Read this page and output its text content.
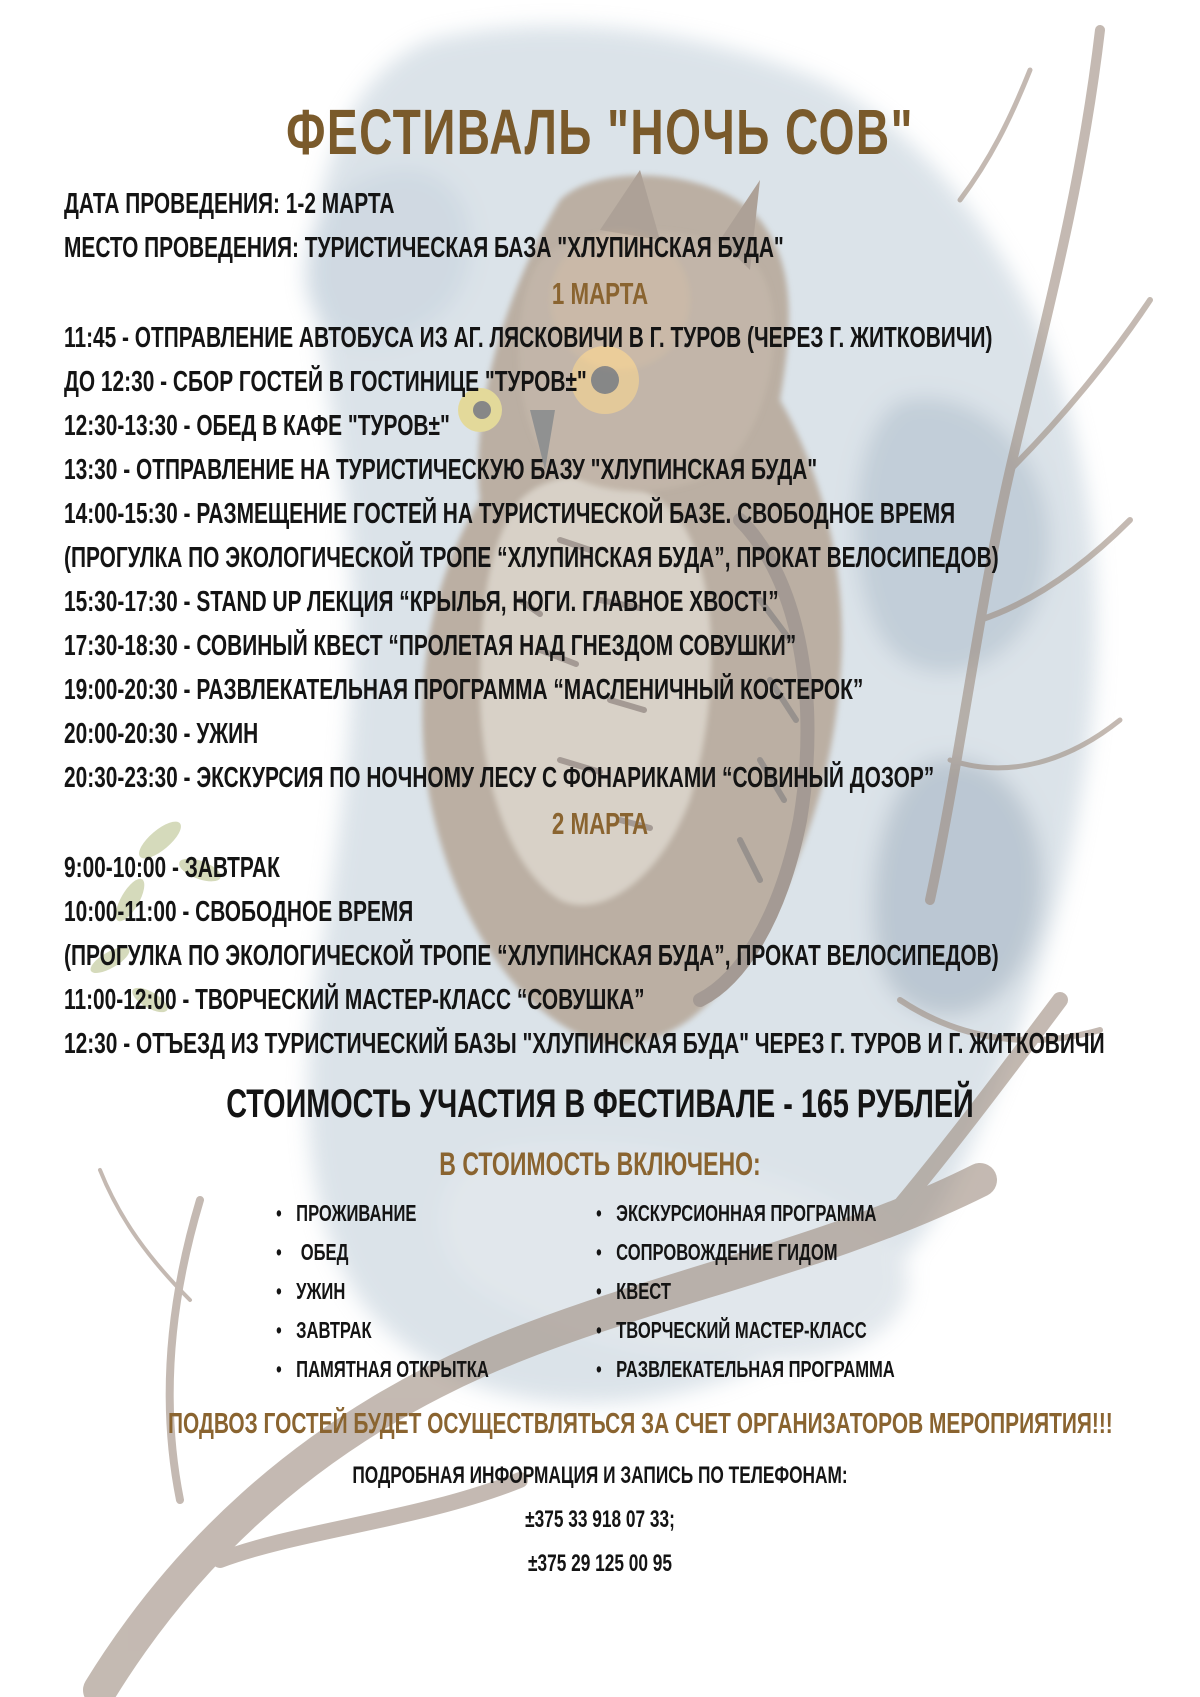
ФЕСТИВАЛЬ "НОЧЬ СОВ"

ДАТА ПРОВЕДЕНИЯ: 1-2 МАРТА

МЕСТО ПРОВЕДЕНИЯ: ТУРИСТИЧЕСКАЯ БАЗА "ХЛУПИНСКАЯ БУДА"

1 МАРТА

11:45 - ОТПРАВЛЕНИЕ АВТОБУСА ИЗ АГ. ЛЯСКОВИЧИ В Г. ТУРОВ (ЧЕРЕЗ Г. ЖИТКОВИЧИ)

ДО 12:30 - СБОР ГОСТЕЙ В ГОСТИНИЦЕ "ТУРОВ±"

12:30-13:30 - ОБЕД В КАФЕ "ТУРОВ±"

13:30 - ОТПРАВЛЕНИЕ НА ТУРИСТИЧЕСКУЮ БАЗУ "ХЛУПИНСКАЯ БУДА"

14:00-15:30 - РАЗМЕЩЕНИЕ ГОСТЕЙ НА ТУРИСТИЧЕСКОЙ БАЗЕ. СВОБОДНОЕ ВРЕМЯ

(ПРОГУЛКА ПО ЭКОЛОГИЧЕСКОЙ ТРОПЕ “ХЛУПИНСКАЯ БУДА”, ПРОКАТ ВЕЛОСИПЕДОВ)

15:30-17:30 - STAND UP ЛЕКЦИЯ “КРЫЛЬЯ, НОГИ. ГЛАВНОЕ ХВОСТ!”

17:30-18:30 - СОВИНЫЙ КВЕСТ “ПРОЛЕТАЯ НАД ГНЕЗДОМ СОВУШКИ”

19:00-20:30 - РАЗВЛЕКАТЕЛЬНАЯ ПРОГРАММА “МАСЛЕНИЧНЫЙ КОСТЕРОК”

20:00-20:30 - УЖИН

20:30-23:30 - ЭКСКУРСИЯ ПО НОЧНОМУ ЛЕСУ С ФОНАРИКАМИ “СОВИНЫЙ ДОЗОР”

2 МАРТА

9:00-10:00 - ЗАВТРАК

10:00-11:00 - СВОБОДНОЕ ВРЕМЯ

(ПРОГУЛКА ПО ЭКОЛОГИЧЕСКОЙ ТРОПЕ “ХЛУПИНСКАЯ БУДА”, ПРОКАТ ВЕЛОСИПЕДОВ)

11:00-12:00 - ТВОРЧЕСКИЙ МАСТЕР-КЛАСС “СОВУШКА”

12:30 - ОТЪЕЗД ИЗ ТУРИСТИЧЕСКИЙ БАЗЫ "ХЛУПИНСКАЯ БУДА" ЧЕРЕЗ Г. ТУРОВ И Г. ЖИТКОВИЧИ

СТОИМОСТЬ УЧАСТИЯ В ФЕСТИВАЛЕ - 165 РУБЛЕЙ

В СТОИМОСТЬ ВКЛЮЧЕНО:

• ПРОЖИВАНИЕ

• ОБЕД

• УЖИН

• ЗАВТРАК

• ПАМЯТНАЯ ОТКРЫТКА

• ЭКСКУРСИОННАЯ ПРОГРАММА

• СОПРОВОЖДЕНИЕ ГИДОМ

• КВЕСТ

• ТВОРЧЕСКИЙ МАСТЕР-КЛАСС

• РАЗВЛЕКАТЕЛЬНАЯ ПРОГРАММА

ПОДВОЗ ГОСТЕЙ БУДЕТ ОСУЩЕСТВЛЯТЬСЯ ЗА СЧЕТ ОРГАНИЗАТОРОВ МЕРОПРИЯТИЯ!!!

ПОДРОБНАЯ ИНФОРМАЦИЯ И ЗАПИСЬ ПО ТЕЛЕФОНАМ:

±375 33 918 07 33;

±375 29 125 00 95
